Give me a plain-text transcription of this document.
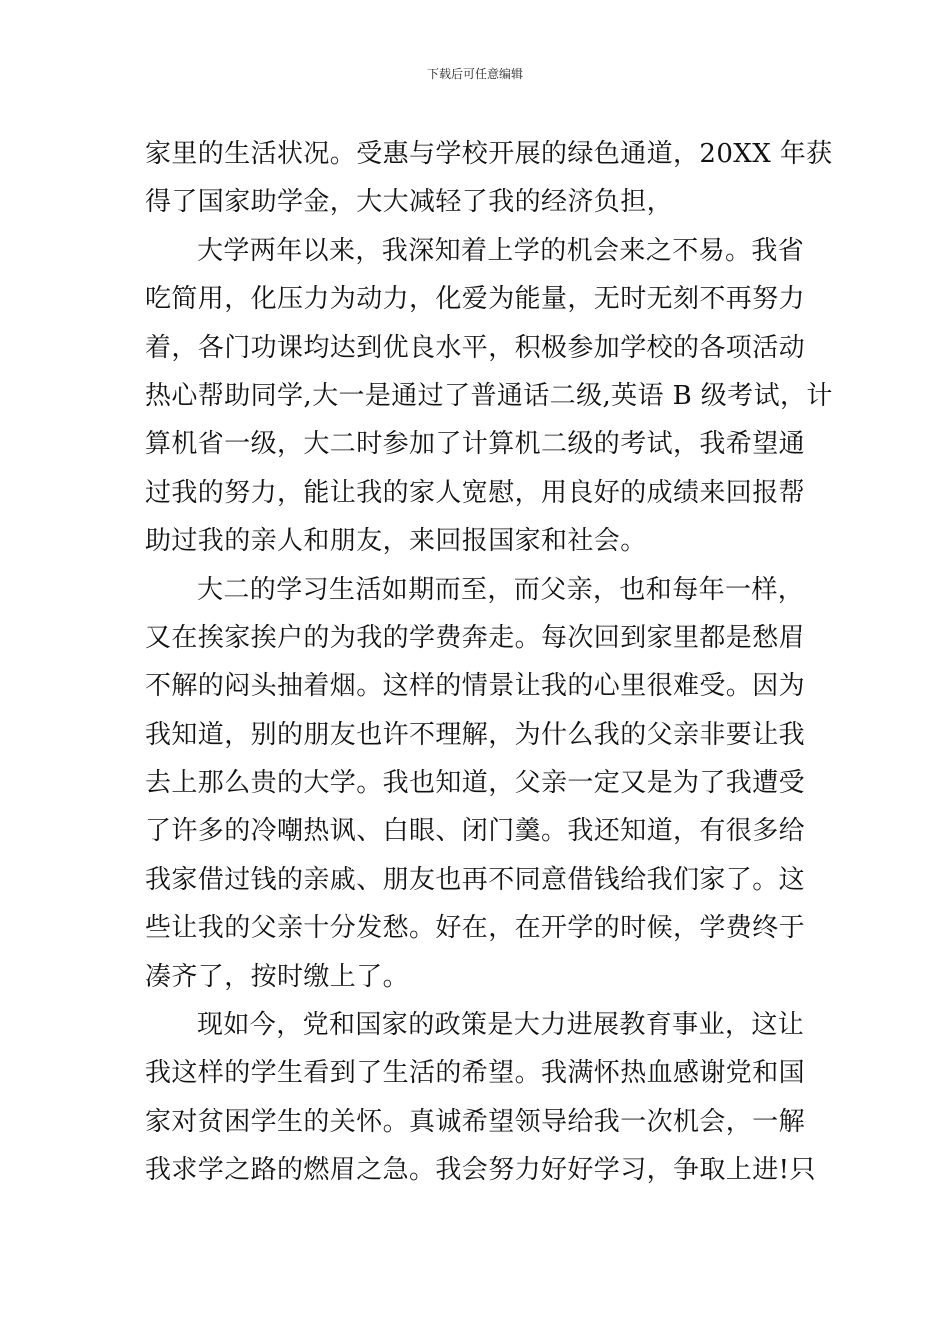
下载后可任意编辑
家里的生活状况。受惠与学校开展的绿色通道，20XX 年获
得了国家助学金，大大减轻了我的经济负担，
大学两年以来，我深知着上学的机会来之不易。我省
吃简用，化压力为动力，化爱为能量，无时无刻不再努力
着，各门功课均达到优良水平，积极参加学校的各项活动
热心帮助同学,大一是通过了普通话二级,英语 B 级考试，计
算机省一级，大二时参加了计算机二级的考试，我希望通
过我的努力，能让我的家人宽慰，用良好的成绩来回报帮
助过我的亲人和朋友，来回报国家和社会。
大二的学习生活如期而至，而父亲，也和每年一样，
又在挨家挨户的为我的学费奔走。每次回到家里都是愁眉
不解的闷头抽着烟。这样的情景让我的心里很难受。因为
我知道，别的朋友也许不理解，为什么我的父亲非要让我
去上那么贵的大学。我也知道，父亲一定又是为了我遭受
了许多的冷嘲热讽、白眼、闭门羹。我还知道，有很多给
我家借过钱的亲戚、朋友也再不同意借钱给我们家了。这
些让我的父亲十分发愁。好在，在开学的时候，学费终于
凑齐了，按时缴上了。
现如今，党和国家的政策是大力进展教育事业，这让
我这样的学生看到了生活的希望。我满怀热血感谢党和国
家对贫困学生的关怀。真诚希望领导给我一次机会，一解
我求学之路的燃眉之急。我会努力好好学习，争取上进!只
